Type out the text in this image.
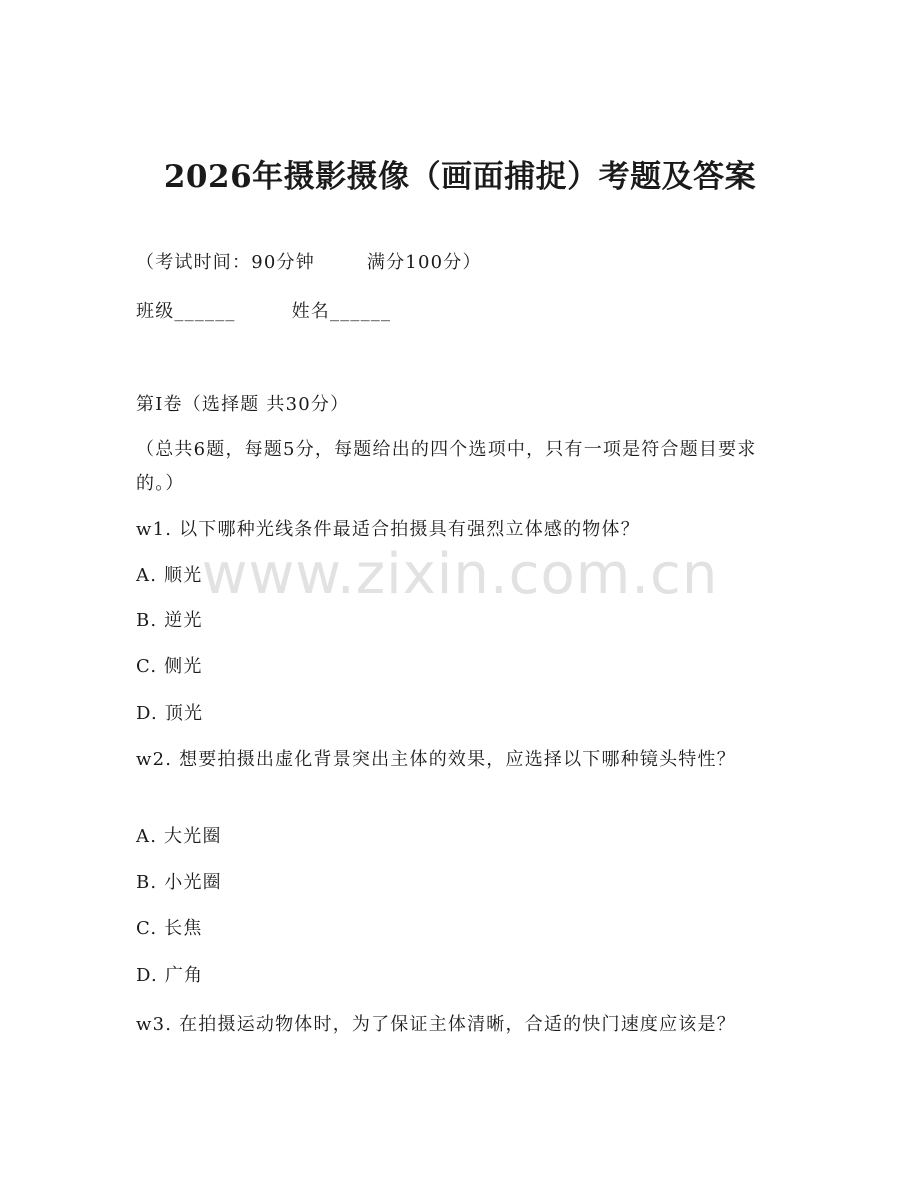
2026年摄影摄像（画面捕捉）考题及答案
（考试时间：90分钟	满分100分）
班级______	姓名______
第Ⅰ卷（选择题 共30分）
（总共6题，每题5分，每题给出的四个选项中，只有一项是符合题目要求的。）
w1. 以下哪种光线条件最适合拍摄具有强烈立体感的物体？
A. 顺光
B. 逆光
C. 侧光
D. 顶光
w2. 想要拍摄出虚化背景突出主体的效果，应选择以下哪种镜头特性？
A. 大光圈
B. 小光圈
C. 长焦
D. 广角
w3. 在拍摄运动物体时，为了保证主体清晰，合适的快门速度应该是？
www.zixin.com.cn
